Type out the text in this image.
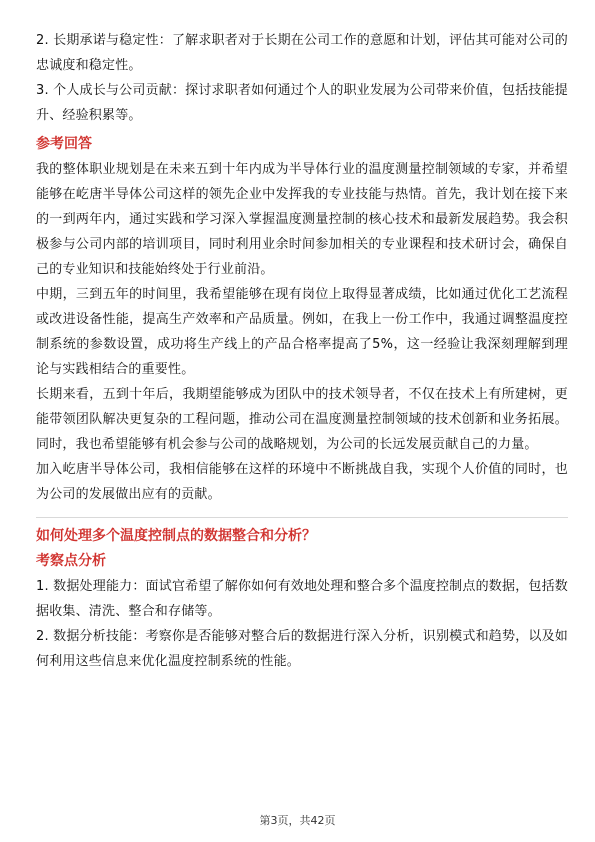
2. 长期承诺与稳定性：了解求职者对于长期在公司工作的意愿和计划，评估其可能对公司的忠诚度和稳定性。

3. 个人成长与公司贡献：探讨求职者如何通过个人的职业发展为公司带来价值，包括技能提升、经验积累等。

参考回答

我的整体职业规划是在未来五到十年内成为半导体行业的温度测量控制领域的专家，并希望能够在屹唐半导体公司这样的领先企业中发挥我的专业技能与热情。首先，我计划在接下来的一到两年内，通过实践和学习深入掌握温度测量控制的核心技术和最新发展趋势。我会积极参与公司内部的培训项目，同时利用业余时间参加相关的专业课程和技术研讨会，确保自己的专业知识和技能始终处于行业前沿。

中期，三到五年的时间里，我希望能够在现有岗位上取得显著成绩，比如通过优化工艺流程或改进设备性能，提高生产效率和产品质量。例如，在我上一份工作中，我通过调整温度控制系统的参数设置，成功将生产线上的产品合格率提高了5%，这一经验让我深刻理解到理论与实践相结合的重要性。

长期来看，五到十年后，我期望能够成为团队中的技术领导者，不仅在技术上有所建树，更能带领团队解决更复杂的工程问题，推动公司在温度测量控制领域的技术创新和业务拓展。同时，我也希望能够有机会参与公司的战略规划，为公司的长远发展贡献自己的力量。

加入屹唐半导体公司，我相信能够在这样的环境中不断挑战自我，实现个人价值的同时，也为公司的发展做出应有的贡献。

如何处理多个温度控制点的数据整合和分析？

考察点分析

1. 数据处理能力：面试官希望了解你如何有效地处理和整合多个温度控制点的数据，包括数据收集、清洗、整合和存储等。

2. 数据分析技能：考察你是否能够对整合后的数据进行深入分析，识别模式和趋势，以及如何利用这些信息来优化温度控制系统的性能。

第3页，共42页
